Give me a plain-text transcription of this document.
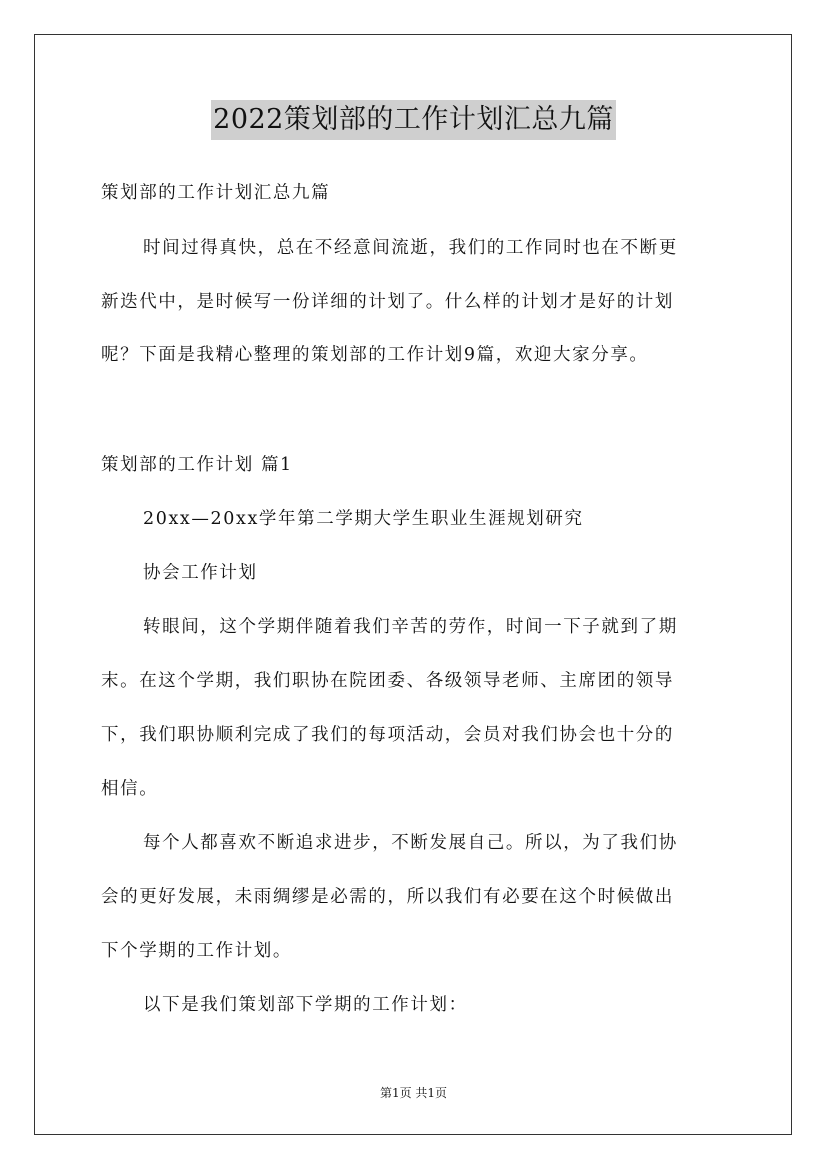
2022策划部的工作计划汇总九篇
策划部的工作计划汇总九篇
时间过得真快，总在不经意间流逝，我们的工作同时也在不断更
新迭代中，是时候写一份详细的计划了。什么样的计划才是好的计划
呢？下面是我精心整理的策划部的工作计划9篇，欢迎大家分享。
策划部的工作计划 篇1
20xx—20xx学年第二学期大学生职业生涯规划研究
协会工作计划
转眼间，这个学期伴随着我们辛苦的劳作，时间一下子就到了期
末。在这个学期，我们职协在院团委、各级领导老师、主席团的领导
下，我们职协顺利完成了我们的每项活动，会员对我们协会也十分的
相信。
每个人都喜欢不断追求进步，不断发展自己。所以，为了我们协
会的更好发展，未雨绸缪是必需的，所以我们有必要在这个时候做出
下个学期的工作计划。
以下是我们策划部下学期的工作计划：
第1页 共1页
